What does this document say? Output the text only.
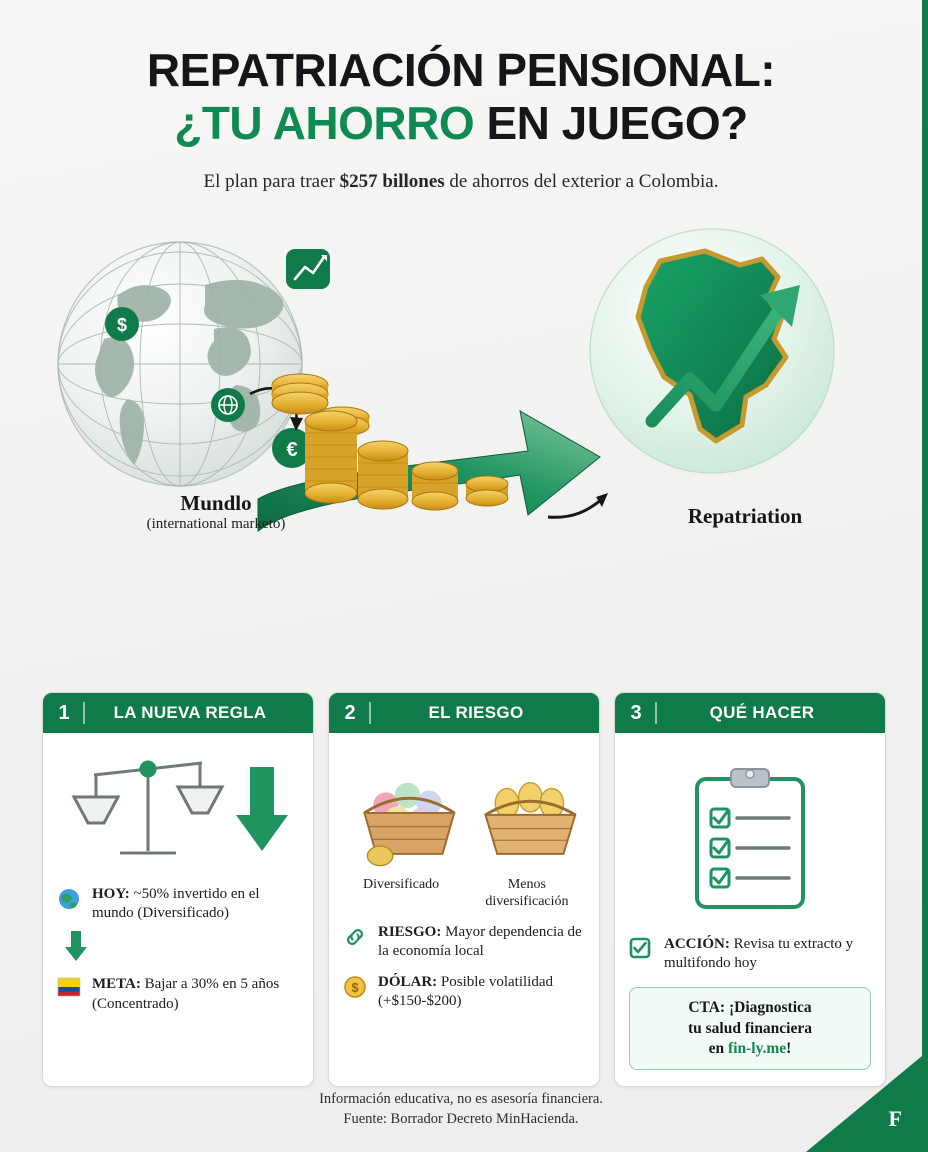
REPATRIACIÓN PENSIONAL:
¿TU AHORRO EN JUEGO?
El plan para traer $257 billones de ahorros del exterior a Colombia.
$
€
Mundlo
(international marketo)	Repatriation
1	LA NUEVA REGLA
HOY: ~50% invertido en el mundo (Diversificado)
META: Bajar a 30% en 5 años (Concentrado)
2	EL RIESGO
Diversificado	Menos diversificación
RIESGO: Mayor dependencia de la economía local
$ DÓLAR: Posible volatilidad (+$150-$200)
3	QUÉ HACER
ACCIÓN: Revisa tu extracto y multifondo hoy
CTA: ¡Diagnostica
tu salud financiera
en fin-ly.me!
Información educativa, no es asesoría financiera.
Fuente: Borrador Decreto MinHacienda.	F
